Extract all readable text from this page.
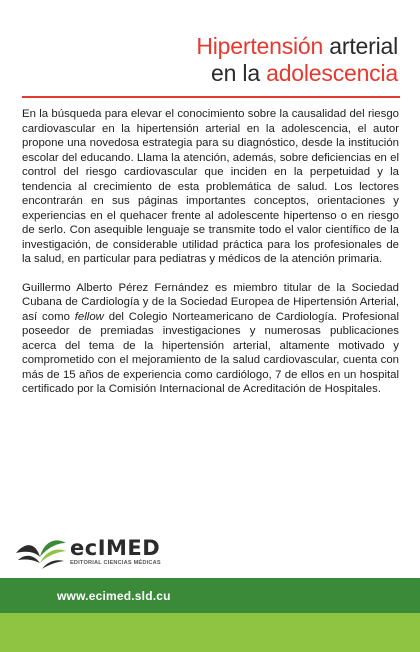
Hipertensión arterial
en la adolescencia

En la búsqueda para elevar el conocimiento sobre la causalidad del riesgo cardiovascular en la hipertensión arterial en la adolescencia, el autor propone una novedosa estrategia para su diagnóstico, desde la institución escolar del educando. Llama la atención, además, sobre deficiencias en el control del riesgo cardiovascular que inciden en la perpetuidad y la tendencia al crecimiento de esta problemática de salud. Los lectores encontrarán en sus páginas importantes conceptos, orientaciones y experiencias en el quehacer frente al adolescente hipertenso o en riesgo de serlo. Con asequible lenguaje se transmite todo el valor científico de la investigación, de considerable utilidad práctica para los profesionales de la salud, en particular para pediatras y médicos de la atención primaria.

Guillermo Alberto Pérez Fernández es miembro titular de la Sociedad Cubana de Cardiología y de la Sociedad Europea de Hipertensión Arterial, así como fellow del Colegio Norteamericano de Cardiología. Profesional poseedor de premiadas investigaciones y numerosas publicaciones acerca del tema de la hipertensión arterial, altamente motivado y comprometido con el mejoramiento de la salud cardiovascular, cuenta con más de 15 años de experiencia como cardiólogo, 7 de ellos en un hospital certificado por la Comisión Internacional de Acreditación de Hospitales.

ecIMED
EDITORIAL CIENCIAS MÉDICAS
www.ecimed.sld.cu
